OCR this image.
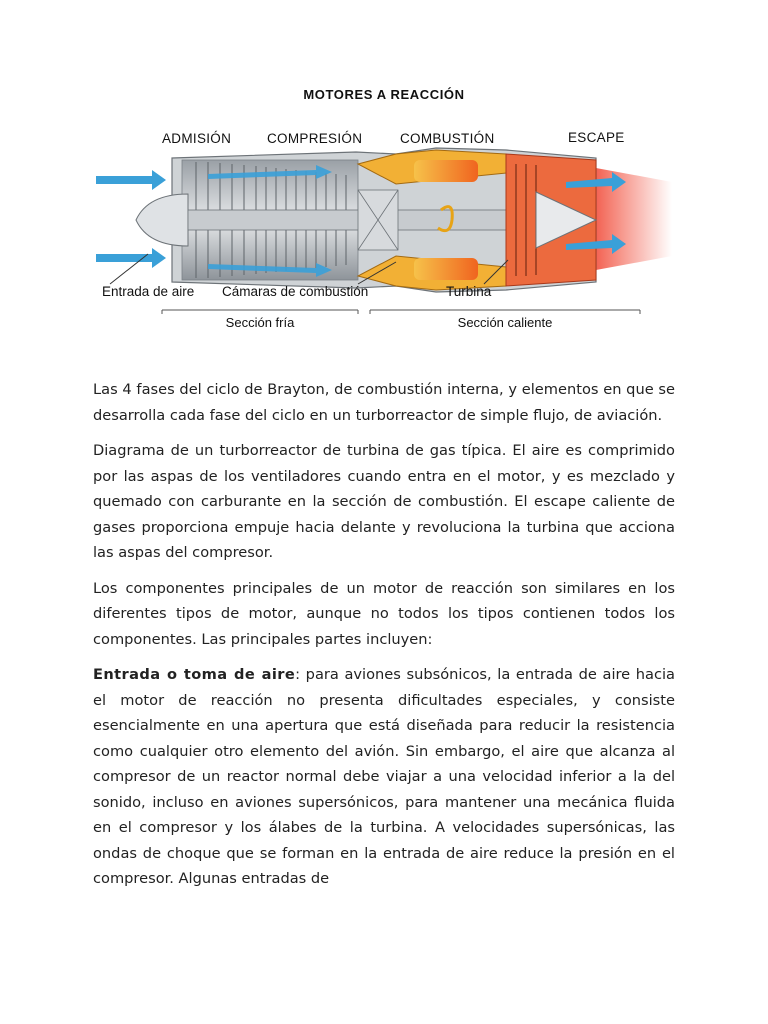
MOTORES A REACCIÓN
ADMISIÓN	COMPRESIÓN	COMBUSTIÓN	ESCAPE
Entrada de aire Cámaras de combustión	Turbina
Sección fría	Sección caliente

Las 4 fases del ciclo de Brayton, de combustión interna, y elementos en que se desarrolla cada fase del ciclo en un turborreactor de simple flujo, de aviación.

Diagrama de un turborreactor de turbina de gas típica. El aire es comprimido por las aspas de los ventiladores cuando entra en el motor, y es mezclado y quemado con carburante en la sección de combustión. El escape caliente de gases proporciona empuje hacia delante y revoluciona la turbina que acciona las aspas del compresor.

Los componentes principales de un motor de reacción son similares en los diferentes tipos de motor, aunque no todos los tipos contienen todos los componentes. Las principales partes incluyen:

Entrada o toma de aire: para aviones subsónicos, la entrada de aire hacia el motor de reacción no presenta dificultades especiales, y consiste esencialmente en una apertura que está diseñada para reducir la resistencia como cualquier otro elemento del avión. Sin embargo, el aire que alcanza al compresor de un reactor normal debe viajar a una velocidad inferior a la del sonido, incluso en aviones supersónicos, para mantener una mecánica fluida en el compresor y los álabes de la turbina. A velocidades supersónicas, las ondas de choque que se forman en la entrada de aire reduce la presión en el compresor. Algunas entradas de
